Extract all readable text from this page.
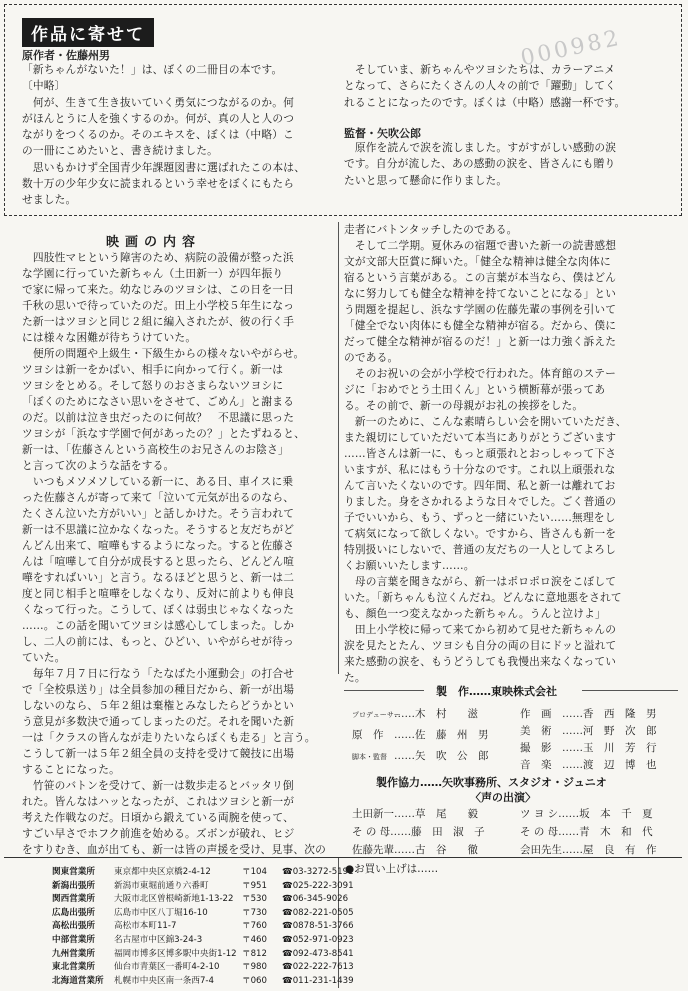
作品に寄せて	000982
原作者・佐藤州男
「新ちゃんがないた！」は、ぼくの二冊目の本です。
〔中略〕
　何が、生きて生き抜いていく勇気につながるのか。何
がほんとうに人を強くするのか。何が、真の人と人のつ
ながりをつくるのか。そのエキスを、ぼくは（中略）こ
の一冊にこめたいと、書き続けました。
　思いもかけず全国青少年課題図書に選ばれたこの本は、
数十万の少年少女に読まれるという幸せをぼくにもたら
せました。
　そしていま、新ちゃんやツヨシたちは、カラーアニメ
となって、さらにたくさんの人々の前で「躍動」してく
れることになったのです。ぼくは（中略）感謝一杯です。
監督・矢吹公郎
　原作を読んで涙を流しました。すがすがしい感動の涙
です。自分が流した、あの感動の涙を、皆さんにも贈り
たいと思って懸命に作りました。
映画の内容
　四肢性マヒという障害のため、病院の設備が整った浜
な学園に行っていた新ちゃん（土田新一）が四年振り
で家に帰って来た。幼なじみのツヨシは、この日を一日
千秋の思いで待っていたのだ。田上小学校５年生になっ
た新一はツヨシと同じ２組に編入されたが、彼の行く手
には様々な困難が待ちうけていた。
　便所の問題や上級生・下級生からの様々ないやがらせ。
ツヨシは新一をかばい、相手に向かって行く。新一は
ツヨシをとめる。そして怒りのおさまらないツヨシに
「ぼくのためになさい思いをさせて、ごめん」と謝まる
のだ。以前は泣き虫だったのに何故？　不思議に思った
ツヨシが「浜なす学園で何があったの？」とたずねると、
新一は、「佐藤さんという高校生のお兄さんのお陰さ」
と言って次のような話をする。
　いつもメソメソしている新一に、ある日、車イスに乗
った佐藤さんが寄って来て「泣いて元気が出るのなら、
たくさん泣いた方がいい」と話しかけた。そう言われて
新一は不思議に泣かなくなった。そうすると友だちがど
んどん出来て、喧嘩もするようになった。すると佐藤さ
んは「喧嘩して自分が成長すると思ったら、どんどん喧
嘩をすればいい」と言う。なるほどと思うと、新一は二
度と同じ相手と喧嘩をしなくなり、反対に前よりも伸良
くなって行った。こうして、ぼくは弱虫じゃなくなった
……。この話を聞いてツヨシは感心してしまった。しか
し、二人の前には、もっと、ひどい、いやがらせが待っ
ていた。
　毎年７月７日に行なう「たなばた小運動会」の打合せ
で「全校県送り」は全員参加の種目だから、新一が出場
しないのなら、５年２組は棄権とみなしたらどうかとい
う意見が多数決で通ってしまったのだ。それを聞いた新
一は「クラスの皆んなが走りたいならぼくも走る」と言う。
こうして新一は５年２組全員の支持を受けて競技に出場
することになった。
　竹笹のバトンを受けて、新一は数歩走るとバッタリ倒
れた。皆んなはハッとなったが、これはツヨシと新一が
考えた作戦なのだ。日頃から鍛えている両腕を使って、
すごい早さでホフク前進を始める。ズボンが破れ、ヒジ
をすりむき、血が出ても、新一は皆の声援を受け、見事、次の
走者にバトンタッチしたのである。
　そして二学期。夏休みの宿題で書いた新一の読書感想
文が文部大臣賞に輝いた。「健全な精神は健全な肉体に
宿るという言葉がある。この言葉が本当なら、僕はどん
なに努力しても健全な精神を持てないことになる」とい
う問題を提起し、浜なす学園の佐藤先輩の事例を引いて
「健全でない肉体にも健全な精神が宿る。だから、僕に
だって健全な精神が宿るのだ！」と新一は力強く訴えた
のである。
　そのお祝いの会が小学校で行われた。体育館のステー
ジに「おめでとう土田くん」という横断幕が張ってあ
る。その前で、新一の母親がお礼の挨拶をした。
　新一のために、こんな素晴らしい会を開いていただき、
また親切にしていただいて本当にありがとうございます
……皆さんは新一に、もっと頑張れとおっしゃって下さ
いますが、私にはもう十分なのです。これ以上頑張れな
んて言いたくないのです。四年間、私と新一は離れてお
りました。身をさかれるような日々でした。ごく普通の
子でいいから、もう、ずっと一緒にいたい……無理をし
て病気になって欲しくない。ですから、皆さんも新一を
特別扱いにしないで、普通の友だちの一人としてよろし
くお願いいたします……。
　母の言葉を聞きながら、新一はポロポロ涙をこぼして
いた。「新ちゃんも泣くんだね。どんなに意地悪をされて
も、顔色一つ変えなかった新ちゃん。うんと泣けよ」
　田上小学校に帰って来てから初めて見せた新ちゃんの
涙を見たとたん、ツヨシも自分の両の目にドッと溢れて
来た感動の涙を、もうどうしても我慢出来なくなってい
た。
製　作……東映株式会社
プロデューサー……木　村　　滋
原　作 ……佐　藤　州　男
脚本・監督 ……矢　吹　公　郎
作　画 ……香　西　隆　男
美　術 ……河　野　次　郎
撮　影 ……玉　川　芳　行
音　楽 ……渡　辺　博　也
製作協力……矢吹事務所、スタジオ・ジュニオ
〈声の出演〉
土田新一……草　尾　　毅
そ の 母……藤　田　淑　子
佐藤先輩……古　谷　　徹
ツ ヨ シ……坂　本　千　夏
そ の 母……青　木　和　代
会田先生……屋　良　有　作
関東営業所 東京都中央区京橋2-4-12	〒104 ☎03-3272-5191
新潟出張所 新潟市東堀前通り六番町	〒951 ☎025-222-3091
関西営業所 大阪市北区曽根崎新地1-13-22 〒530 ☎06-345-9026
広島出張所 広島市中区八丁堀16-10	〒730 ☎082-221-0505
高松出張所 高松市本町11-7	〒760 ☎0878-51-3766
中部営業所 名古屋市中区錦3-24-3	〒460 ☎052-971-0923
九州営業所 福岡市博多区博多駅中央街1-12 〒812 ☎092-473-8541
東北営業所 仙台市青葉区一番町4-2-10	〒980 ☎022-222-7613
北海道営業所 札幌市中央区南一条西7-4	〒060 ☎011-231-1439
●お買い上げは……
